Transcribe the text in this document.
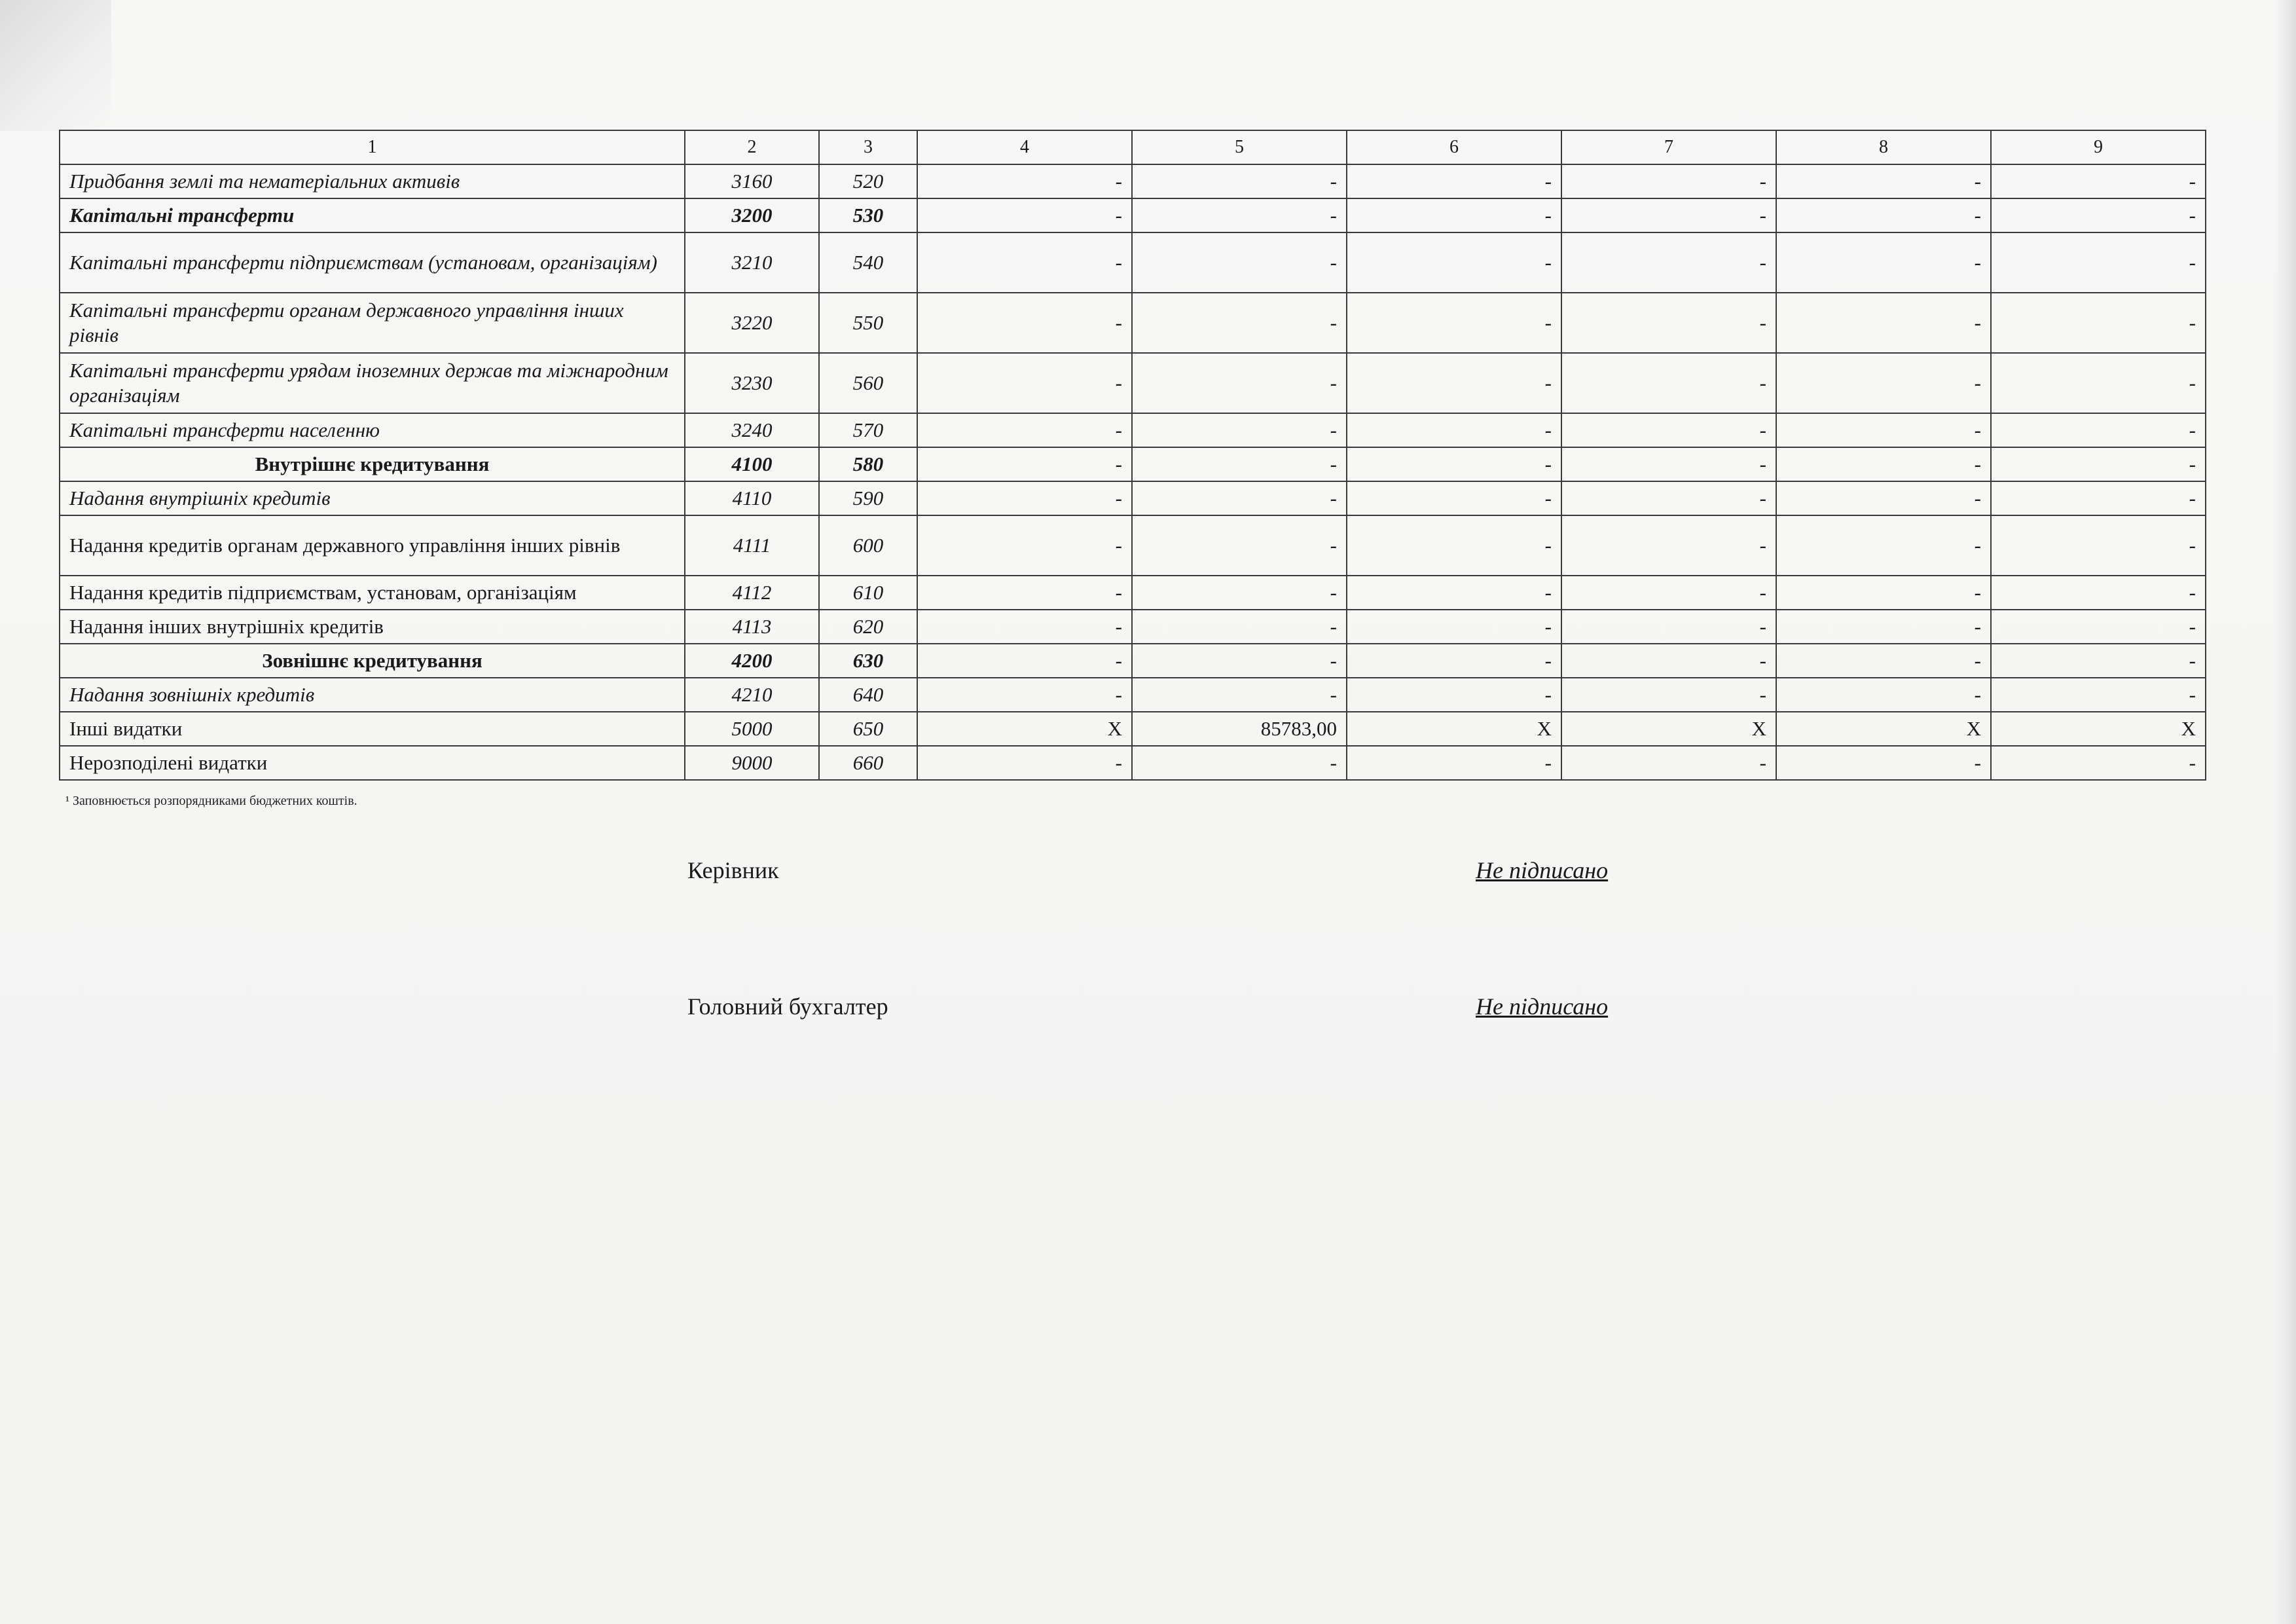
1	2	3	4	5	6	7	8	9
Придбання землі та нематеріальних активів	3160	520	-	-	-	-	-	-
Капітальні трансферти	3200	530	-	-	-	-	-	-
Капітальні трансферти підприємствам (установам, організаціям)	3210	540	-	-	-	-	-	-
Капітальні трансферти органам державного управління інших рівнів	3220	550	-	-	-	-	-	-
Капітальні трансферти урядам іноземних держав та міжнародним організаціям	3230	560	-	-	-	-	-	-
Капітальні трансферти населенню	3240	570	-	-	-	-	-	-
Внутрішнє кредитування	4100	580	-	-	-	-	-	-
Надання внутрішніх кредитів	4110	590	-	-	-	-	-	-
Надання кредитів органам державного управління інших рівнів	4111	600	-	-	-	-	-	-
Надання кредитів підприємствам, установам, організаціям	4112	610	-	-	-	-	-	-
Надання інших внутрішніх кредитів	4113	620	-	-	-	-	-	-
Зовнішнє кредитування	4200	630	-	-	-	-	-	-
Надання зовнішніх кредитів	4210	640	-	-	-	-	-	-
Інші видатки	5000	650	X	85783,00	X	X	X	X
Нерозподілені видатки	9000	660	-	-	-	-	-	-
¹ Заповнюється розпорядниками бюджетних коштів.
Керівник	Не підписано
Головний бухгалтер	Не підписано
